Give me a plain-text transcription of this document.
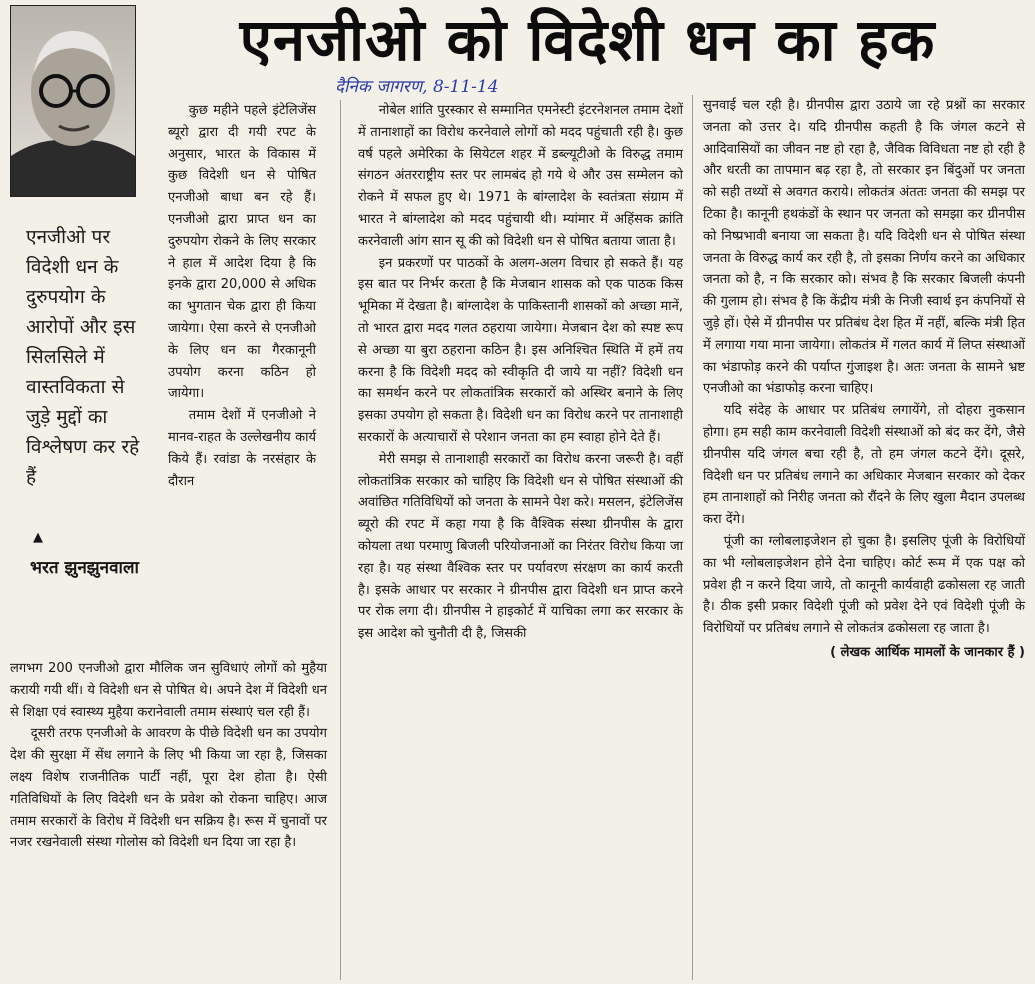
एनजीओ को विदेशी धन का हक
दैनिक जागरण, 8-11-14
एनजीओ पर विदेशी धन के दुरुपयोग के आरोपों और इस सिलसिले में वास्तविकता से जुड़े मुद्दों का विश्लेषण कर रहे हैं
▲
भरत झुनझुनवाला

कुछ महीने पहले इंटेलिजेंस ब्यूरो द्वारा दी गयी रपट के अनुसार, भारत के विकास में कुछ विदेशी धन से पोषित एनजीओ बाधा बन रहे हैं। एनजीओ द्वारा प्राप्त धन का दुरुपयोग रोकने के लिए सरकार ने हाल में आदेश दिया है कि इनके द्वारा 20,000 से अधिक का भुगतान चेक द्वारा ही किया जायेगा। ऐसा करने से एनजीओ के लिए धन का गैरकानूनी उपयोग करना कठिन हो जायेगा।

तमाम देशों में एनजीओ ने मानव-राहत के उल्लेखनीय कार्य किये हैं। रवांडा के नरसंहार के दौरान

लगभग 200 एनजीओ द्वारा मौलिक जन सुविधाएं लोगों को मुहैया करायी गयी थीं। ये विदेशी धन से पोषित थे। अपने देश में विदेशी धन से शिक्षा एवं स्वास्थ्य मुहैया करानेवाली तमाम संस्थाएं चल रही हैं।

दूसरी तरफ एनजीओ के आवरण के पीछे विदेशी धन का उपयोग देश की सुरक्षा में सेंध लगाने के लिए भी किया जा रहा है, जिसका लक्ष्य विशेष राजनीतिक पार्टी नहीं, पूरा देश होता है। ऐसी गतिविधियों के लिए विदेशी धन के प्रवेश को रोकना चाहिए। आज तमाम सरकारों के विरोध में विदेशी धन सक्रिय है। रूस में चुनावों पर नजर रखनेवाली संस्था गोलोस को विदेशी धन दिया जा रहा है।

नोबेल शांति पुरस्कार से सम्मानित एमनेस्टी इंटरनेशनल तमाम देशों में तानाशाहों का विरोध करनेवाले लोगों को मदद पहुंचाती रही है। कुछ वर्ष पहले अमेरिका के सियेटल शहर में डब्ल्यूटीओ के विरुद्ध तमाम संगठन अंतरराष्ट्रीय स्तर पर लामबंद हो गये थे और उस सम्मेलन को रोकने में सफल हुए थे। 1971 के बांग्लादेश के स्वतंत्रता संग्राम में भारत ने बांग्लादेश को मदद पहुंचायी थी। म्यांमार में अहिंसक क्रांति करनेवाली आंग सान सू की को विदेशी धन से पोषित बताया जाता है।

इन प्रकरणों पर पाठकों के अलग-अलग विचार हो सकते हैं। यह इस बात पर निर्भर करता है कि मेजबान शासक को एक पाठक किस भूमिका में देखता है। बांग्लादेश के पाकिस्तानी शासकों को अच्छा मानें, तो भारत द्वारा मदद गलत ठहराया जायेगा। मेजबान देश को स्पष्ट रूप से अच्छा या बुरा ठहराना कठिन है। इस अनिश्चित स्थिति में हमें तय करना है कि विदेशी मदद को स्वीकृति दी जाये या नहीं? विदेशी धन का समर्थन करने पर लोकतांत्रिक सरकारों को अस्थिर बनाने के लिए इसका उपयोग हो सकता है। विदेशी धन का विरोध करने पर तानाशाही सरकारों के अत्याचारों से परेशान जनता का हम स्वाहा होने देते हैं।

मेरी समझ से तानाशाही सरकारों का विरोध करना जरूरी है। वहीं लोकतांत्रिक सरकार को चाहिए कि विदेशी धन से पोषित संस्थाओं की अवांछित गतिविधियों को जनता के सामने पेश करे। मसलन, इंटेलिजेंस ब्यूरो की रपट में कहा गया है कि वैश्विक संस्था ग्रीनपीस के द्वारा कोयला तथा परमाणु बिजली परियोजनाओं का निरंतर विरोध किया जा रहा है। यह संस्था वैश्विक स्तर पर पर्यावरण संरक्षण का कार्य करती है। इसके आधार पर सरकार ने ग्रीनपीस द्वारा विदेशी धन प्राप्त करने पर रोक लगा दी। ग्रीनपीस ने हाइकोर्ट में याचिका लगा कर सरकार के इस आदेश को चुनौती दी है, जिसकी

सुनवाई चल रही है। ग्रीनपीस द्वारा उठाये जा रहे प्रश्नों का सरकार जनता को उत्तर दे। यदि ग्रीनपीस कहती है कि जंगल कटने से आदिवासियों का जीवन नष्ट हो रहा है, जैविक विविधता नष्ट हो रही है और धरती का तापमान बढ़ रहा है, तो सरकार इन बिंदुओं पर जनता को सही तथ्यों से अवगत कराये। लोकतंत्र अंततः जनता की समझ पर टिका है। कानूनी हथकंडों के स्थान पर जनता को समझा कर ग्रीनपीस को निष्प्रभावी बनाया जा सकता है। यदि विदेशी धन से पोषित संस्था जनता के विरुद्ध कार्य कर रही है, तो इसका निर्णय करने का अधिकार जनता को है, न कि सरकार को। संभव है कि सरकार बिजली कंपनी की गुलाम हो। संभव है कि केंद्रीय मंत्री के निजी स्वार्थ इन कंपनियों से जुड़े हों। ऐसे में ग्रीनपीस पर प्रतिबंध देश हित में नहीं, बल्कि मंत्री हित में लगाया गया माना जायेगा। लोकतंत्र में गलत कार्य में लिप्त संस्थाओं का भंडाफोड़ करने की पर्याप्त गुंजाइश है। अतः जनता के सामने भ्रष्ट एनजीओ का भंडाफोड़ करना चाहिए।

यदि संदेह के आधार पर प्रतिबंध लगायेंगे, तो दोहरा नुकसान होगा। हम सही काम करनेवाली विदेशी संस्थाओं को बंद कर देंगे, जैसे ग्रीनपीस यदि जंगल बचा रही है, तो हम जंगल कटने देंगे। दूसरे, विदेशी धन पर प्रतिबंध लगाने का अधिकार मेजबान सरकार को देकर हम तानाशाहों को निरीह जनता को रौंदने के लिए खुला मैदान उपलब्ध करा देंगे।

पूंजी का ग्लोबलाइजेशन हो चुका है। इसलिए पूंजी के विरोधियों का भी ग्लोबलाइजेशन होने देना चाहिए। कोर्ट रूम में एक पक्ष को प्रवेश ही न करने दिया जाये, तो कानूनी कार्यवाही ढकोसला रह जाती है। ठीक इसी प्रकार विदेशी पूंजी को प्रवेश देने एवं विदेशी पूंजी के विरोधियों पर प्रतिबंध लगाने से लोकतंत्र ढकोसला रह जाता है।

( लेखक आर्थिक मामलों के जानकार हैं )
